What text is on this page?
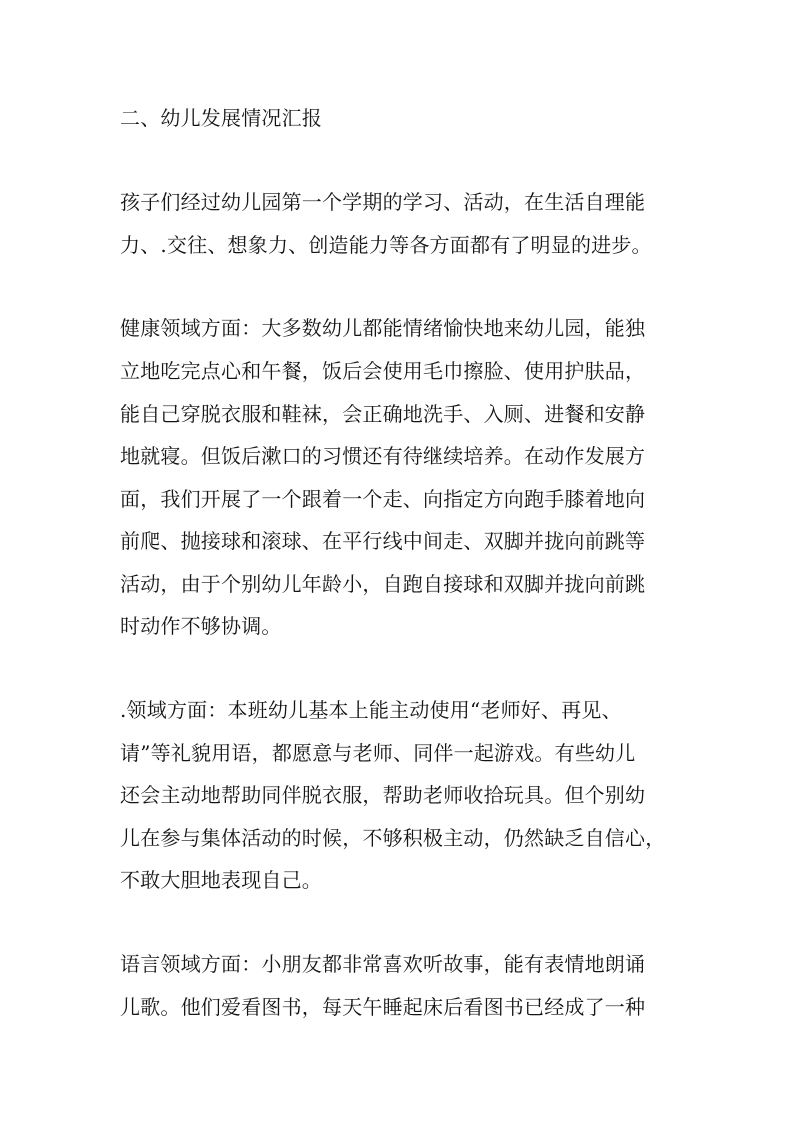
二、幼儿发展情况汇报

孩子们经过幼儿园第一个学期的学习、活动，在生活自理能

力、.交往、想象力、创造能力等各方面都有了明显的进步。

健康领域方面：大多数幼儿都能情绪愉快地来幼儿园，能独

立地吃完点心和午餐，饭后会使用毛巾擦脸、使用护肤品，

能自己穿脱衣服和鞋袜，会正确地洗手、入厕、进餐和安静

地就寝。但饭后漱口的习惯还有待继续培养。在动作发展方

面，我们开展了一个跟着一个走、向指定方向跑手膝着地向

前爬、抛接球和滚球、在平行线中间走、双脚并拢向前跳等

活动，由于个别幼儿年龄小，自跑自接球和双脚并拢向前跳

时动作不够协调。

.领域方面：本班幼儿基本上能主动使用“老师好、再见、

请”等礼貌用语，都愿意与老师、同伴一起游戏。有些幼儿

还会主动地帮助同伴脱衣服，帮助老师收拾玩具。但个别幼

儿在参与集体活动的时候，不够积极主动，仍然缺乏自信心，

不敢大胆地表现自己。

语言领域方面：小朋友都非常喜欢听故事，能有表情地朗诵

儿歌。他们爱看图书，每天午睡起床后看图书已经成了一种
